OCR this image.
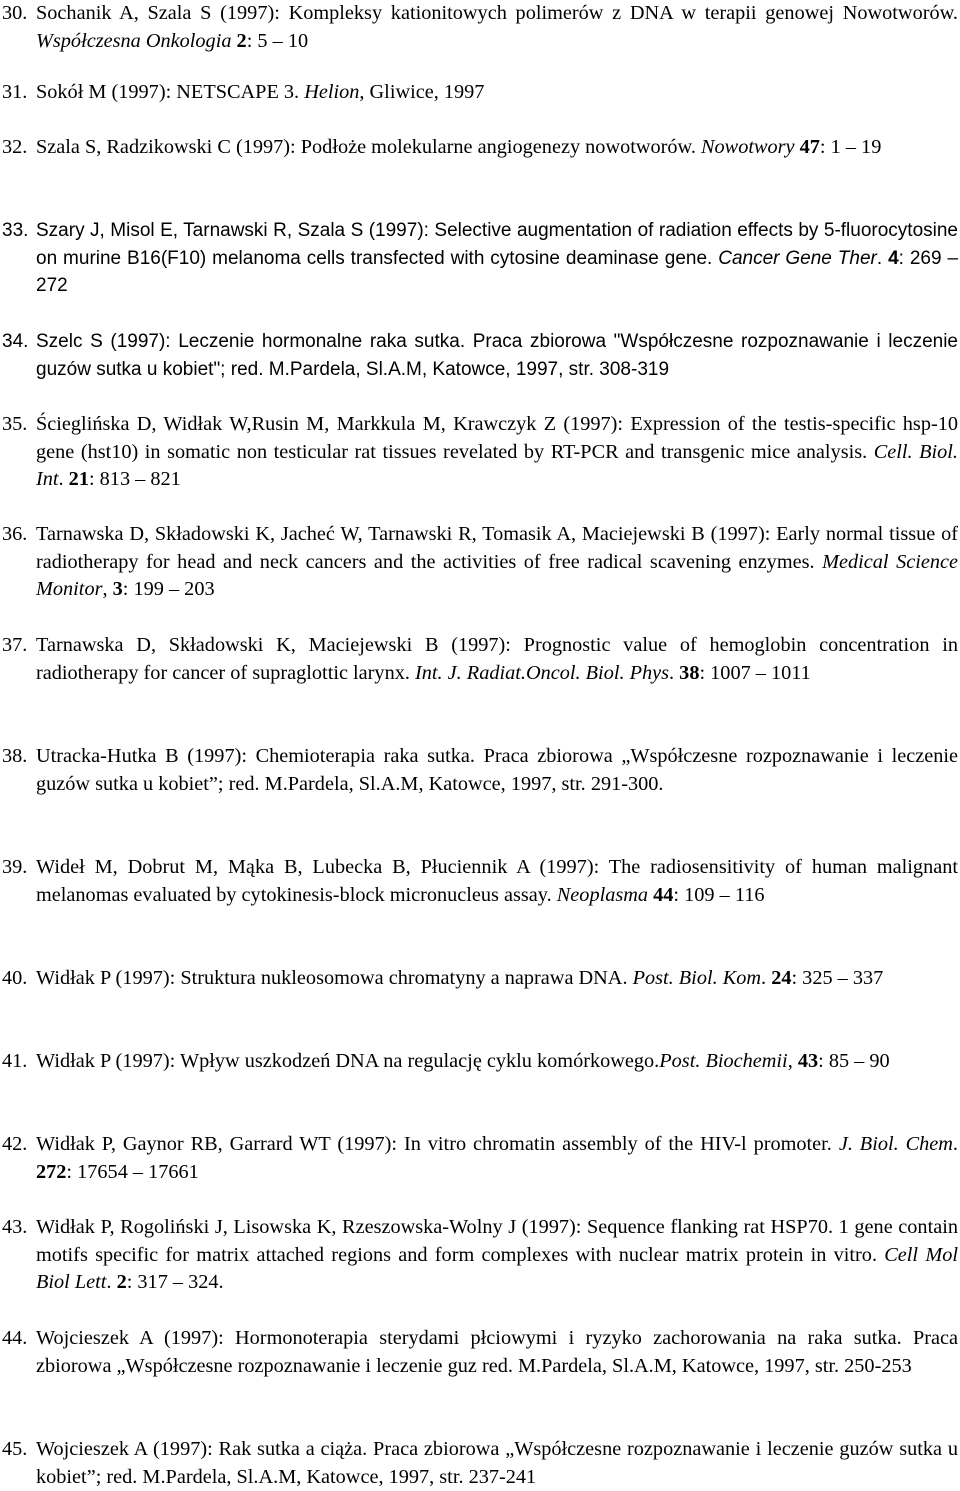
30. Sochanik A, Szala S (1997): Kompleksy kationitowych polimerów z DNA w terapii genowej Nowotworów. Współczesna Onkologia 2: 5 – 10
31. Sokół M (1997): NETSCAPE 3. Helion, Gliwice, 1997
32. Szala S, Radzikowski C (1997): Podłoże molekularne angiogenezy nowotworów. Nowotwory 47: 1 – 19
33. Szary J, Misol E, Tarnawski R, Szala S (1997): Selective augmentation of radiation effects by 5-fluorocytosine on murine B16(F10) melanoma cells transfected with cytosine deaminase gene. Cancer Gene Ther. 4: 269 – 272
34. Szelc S (1997): Leczenie hormonalne raka sutka. Praca zbiorowa "Współczesne rozpoznawanie i leczenie guzów sutka u kobiet"; red. M.Pardela, Sl.A.M, Katowce, 1997, str. 308-319
35. Ścieglińska D, Widłak W,Rusin M, Markkula M, Krawczyk Z (1997): Expression of the testis-specific hsp-10 gene (hst10) in somatic non testicular rat tissues revelated by RT-PCR and transgenic mice analysis. Cell. Biol. Int. 21: 813 – 821
36. Tarnawska D, Składowski K, Jacheć W, Tarnawski R, Tomasik A, Maciejewski B (1997): Early normal tissue of radiotherapy for head and neck cancers and the activities of free radical scavening enzymes. Medical Science Monitor, 3: 199 – 203
37. Tarnawska D, Składowski K, Maciejewski B (1997): Prognostic value of hemoglobin concentration in radiotherapy for cancer of supraglottic larynx. Int. J. Radiat.Oncol. Biol. Phys. 38: 1007 – 1011
38. Utracka-Hutka B (1997): Chemioterapia raka sutka. Praca zbiorowa „Współczesne rozpoznawanie i leczenie guzów sutka u kobiet”; red. M.Pardela, Sl.A.M, Katowce, 1997, str. 291-300.
39. Wideł M, Dobrut M, Mąka B, Lubecka B, Płuciennik A (1997): The radiosensitivity of human malignant melanomas evaluated by cytokinesis-block micronucleus assay. Neoplasma 44: 109 – 116
40. Widłak P (1997): Struktura nukleosomowa chromatyny a naprawa DNA. Post. Biol. Kom. 24: 325 – 337
41. Widłak P (1997): Wpływ uszkodzeń DNA na regulację cyklu komórkowego.Post. Biochemii, 43: 85 – 90
42. Widłak P, Gaynor RB, Garrard WT (1997): In vitro chromatin assembly of the HIV-l promoter. J. Biol. Chem. 272: 17654 – 17661
43. Widłak P, Rogoliński J, Lisowska K, Rzeszowska-Wolny J (1997): Sequence flanking rat HSP70. 1 gene contain motifs specific for matrix attached regions and form complexes with nuclear matrix protein in vitro. Cell Mol Biol Lett. 2: 317 – 324.
44. Wojcieszek A (1997): Hormonoterapia sterydami płciowymi i ryzyko zachorowania na raka sutka. Praca zbiorowa „Współczesne rozpoznawanie i leczenie guz red. M.Pardela, Sl.A.M, Katowce, 1997, str. 250-253
45. Wojcieszek A (1997): Rak sutka a ciąża. Praca zbiorowa „Współczesne rozpoznawanie i leczenie guzów sutka u kobiet”; red. M.Pardela, Sl.A.M, Katowce, 1997, str. 237-241
